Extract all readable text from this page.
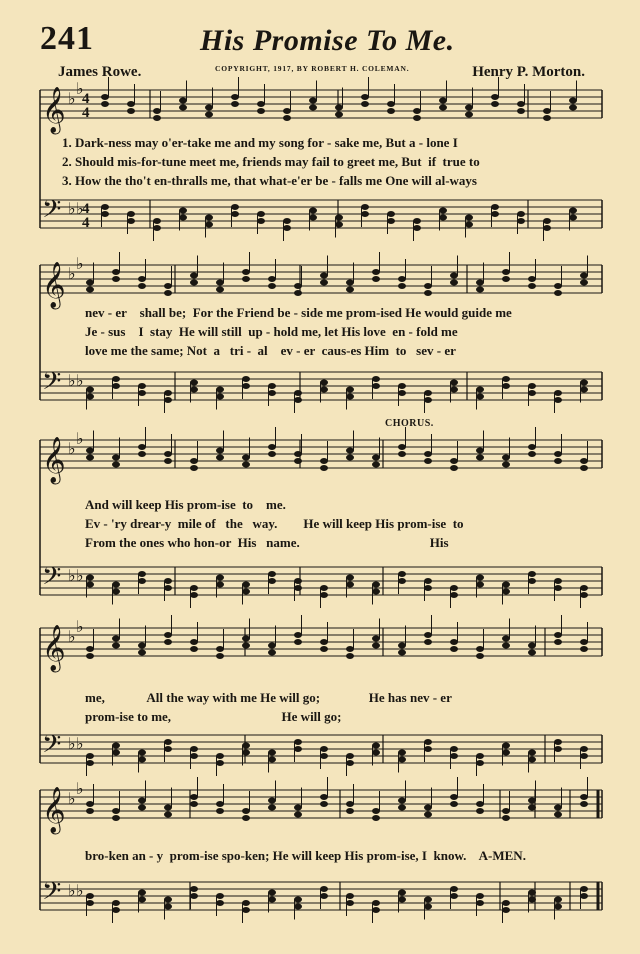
241	His Promise To Me.
James Rowe.	COPYRIGHT, 1917, BY ROBERT H. COLEMAN.	Henry P. Morton.
𝄞 ♭
♭
𝄢 ♭ ♭
𝄞 ♭
♭
𝄢 ♭ ♭
𝄞 ♭
♭
𝄢 ♭ ♭
𝄞 ♭
♭
𝄢 ♭ ♭
𝄞 ♭
♭
𝄢 ♭ ♭
4
4
4
4
1. Dark-ness may o'er-take me and my song for - sake me, But a - lone I
2. Should mis-for-tune meet me, friends may fail to greet me, But  if  true to
3. How the tho't en-thralls me, that what-e'er be - falls me One will al-ways
nev - er    shall be;  For the Friend be - side me prom-ised He would guide me
Je - sus    I  stay  He will still  up - hold me, let His love  en - fold me
love me the same; Not  a   tri -  al    ev - er  caus-es Him  to   sev - er
CHORUS.
And will keep His prom-ise  to    me.
Ev - 'ry drear-y  mile of   the   way.        He will keep His prom-ise  to
From the ones who hon-or  His   name.                                        His
me,             All the way with me He will go;               He has nev - er
prom-ise to me,                                  He will go;
bro-ken an - y  prom-ise spo-ken; He will keep His prom-ise, I  know.    A-MEN.
